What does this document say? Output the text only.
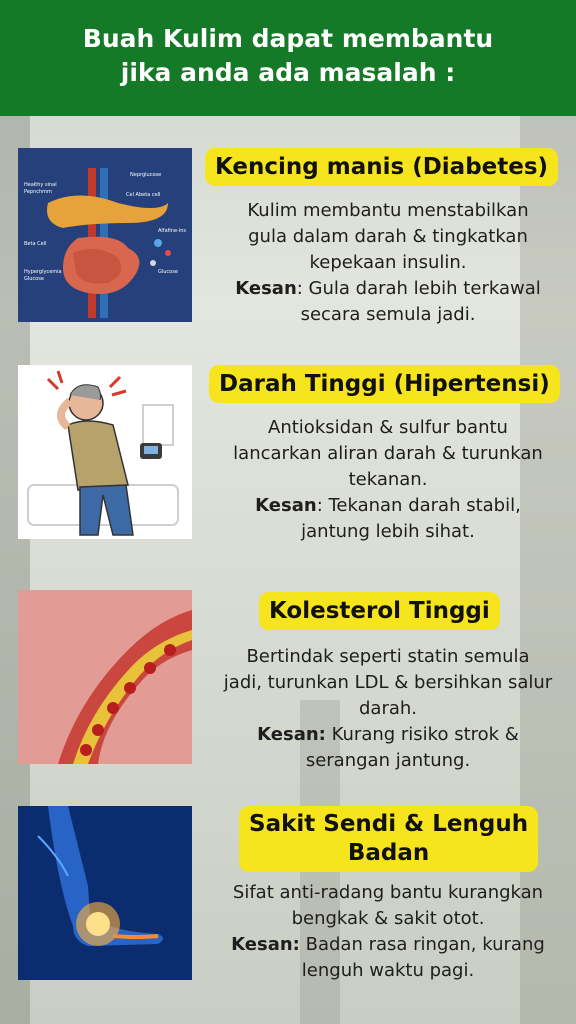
Buah Kulim dapat membantu
jika anda ada masalah :
Healthy sinal
Pepnchmm
Beta Cell
Hyperglycemia
Glucose
Neprglucose
Cel Abeta cell
Alfafine-ins
Glucose
Kencing manis (Diabetes)
Kulim membantu menstabilkan
gula dalam darah & tingkatkan
kepekaan insulin.
Kesan: Gula darah lebih terkawal
secara semula jadi.
Darah Tinggi (Hipertensi)
Antioksidan & sulfur bantu
lancarkan aliran darah & turunkan
tekanan.
Kesan: Tekanan darah stabil,
jantung lebih sihat.
Kolesterol Tinggi
Bertindak seperti statin semula
jadi, turunkan LDL & bersihkan salur
darah.
Kesan: Kurang risiko strok &
serangan jantung.
Sakit Sendi & Lenguh
Badan
Sifat anti-radang bantu kurangkan
bengkak & sakit otot.
Kesan: Badan rasa ringan, kurang
lenguh waktu pagi.
